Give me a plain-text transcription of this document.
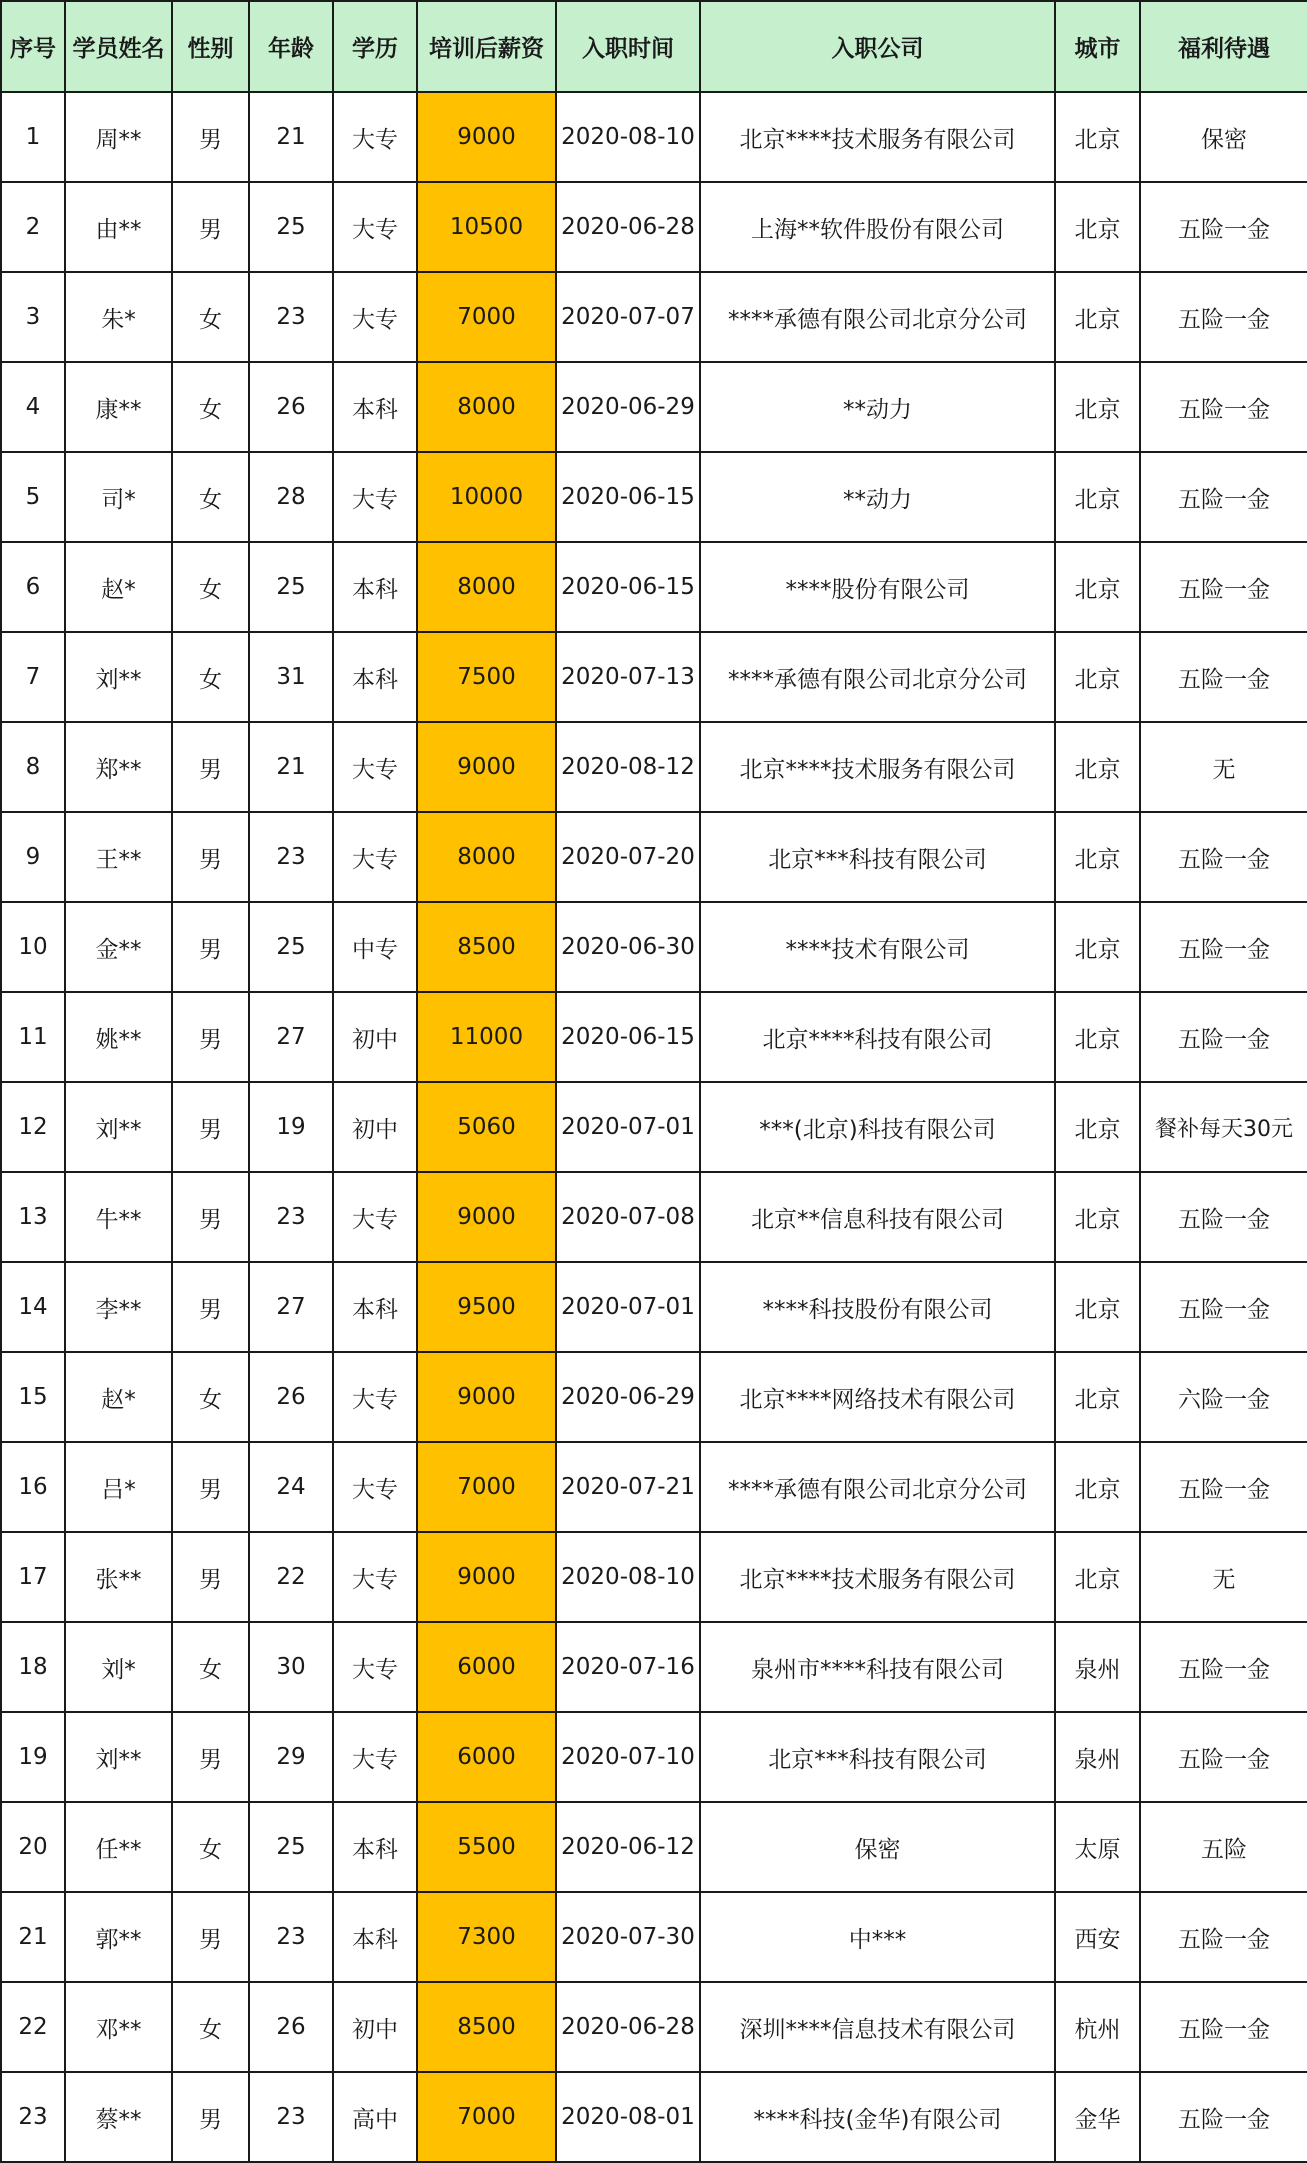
序号	学员姓名	性别	年龄	学历	培训后薪资	入职时间	入职公司	城市	福利待遇
1	周**	男	21	大专	9000	2020-08-10	北京****技术服务有限公司	北京	保密
2	由**	男	25	大专	10500	2020-06-28	上海**软件股份有限公司	北京	五险一金
3	朱*	女	23	大专	7000	2020-07-07	****承德有限公司北京分公司	北京	五险一金
4	康**	女	26	本科	8000	2020-06-29	**动力	北京	五险一金
5	司*	女	28	大专	10000	2020-06-15	**动力	北京	五险一金
6	赵*	女	25	本科	8000	2020-06-15	****股份有限公司	北京	五险一金
7	刘**	女	31	本科	7500	2020-07-13	****承德有限公司北京分公司	北京	五险一金
8	郑**	男	21	大专	9000	2020-08-12	北京****技术服务有限公司	北京	无
9	王**	男	23	大专	8000	2020-07-20	北京***科技有限公司	北京	五险一金
10	金**	男	25	中专	8500	2020-06-30	****技术有限公司	北京	五险一金
11	姚**	男	27	初中	11000	2020-06-15	北京****科技有限公司	北京	五险一金
12	刘**	男	19	初中	5060	2020-07-01	***(北京)科技有限公司	北京	餐补每天30元
13	牛**	男	23	大专	9000	2020-07-08	北京**信息科技有限公司	北京	五险一金
14	李**	男	27	本科	9500	2020-07-01	****科技股份有限公司	北京	五险一金
15	赵*	女	26	大专	9000	2020-06-29	北京****网络技术有限公司	北京	六险一金
16	吕*	男	24	大专	7000	2020-07-21	****承德有限公司北京分公司	北京	五险一金
17	张**	男	22	大专	9000	2020-08-10	北京****技术服务有限公司	北京	无
18	刘*	女	30	大专	6000	2020-07-16	泉州市****科技有限公司	泉州	五险一金
19	刘**	男	29	大专	6000	2020-07-10	北京***科技有限公司	泉州	五险一金
20	任**	女	25	本科	5500	2020-06-12	保密	太原	五险
21	郭**	男	23	本科	7300	2020-07-30	中***	西安	五险一金
22	邓**	女	26	初中	8500	2020-06-28	深圳****信息技术有限公司	杭州	五险一金
23	蔡**	男	23	高中	7000	2020-08-01	****科技(金华)有限公司	金华	五险一金
